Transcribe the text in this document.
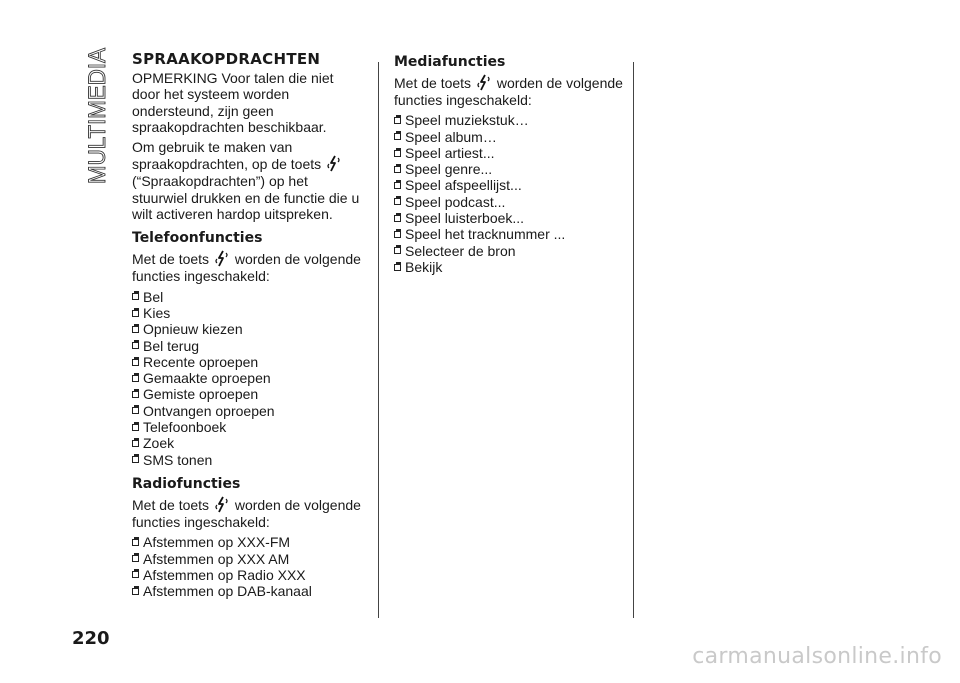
MULTIMEDIA SPRAAKOPDRACHTEN

OPMERKING Voor talen die niet door het systeem worden ondersteund, zijn geen spraakopdrachten beschikbaar.

Om gebruik te maken van spraakopdrachten, op de toets  (“Spraakopdrachten”) op het stuurwiel drukken en de functie die u wilt activeren hardop uitspreken.

Telefoonfuncties

Met de toets worden de volgende functies ingeschakeld:

Bel
Kies
Opnieuw kiezen
Bel terug
Recente oproepen
Gemaakte oproepen
Gemiste oproepen
Ontvangen oproepen
Telefoonboek
Zoek
SMS tonen
Radiofuncties

Met de toets worden de volgende functies ingeschakeld:

Afstemmen op XXX-FM
Afstemmen op XXX AM
Afstemmen op Radio XXX
Afstemmen op DAB-kanaal
Mediafuncties

Met de toets worden de volgende functies ingeschakeld:

Speel muziekstuk…
Speel album…
Speel artiest...
Speel genre...
Speel afspeellijst...
Speel podcast...
Speel luisterboek...
Speel het tracknummer ...
Selecteer de bron
Bekijk
220
carmanualsonline.info
